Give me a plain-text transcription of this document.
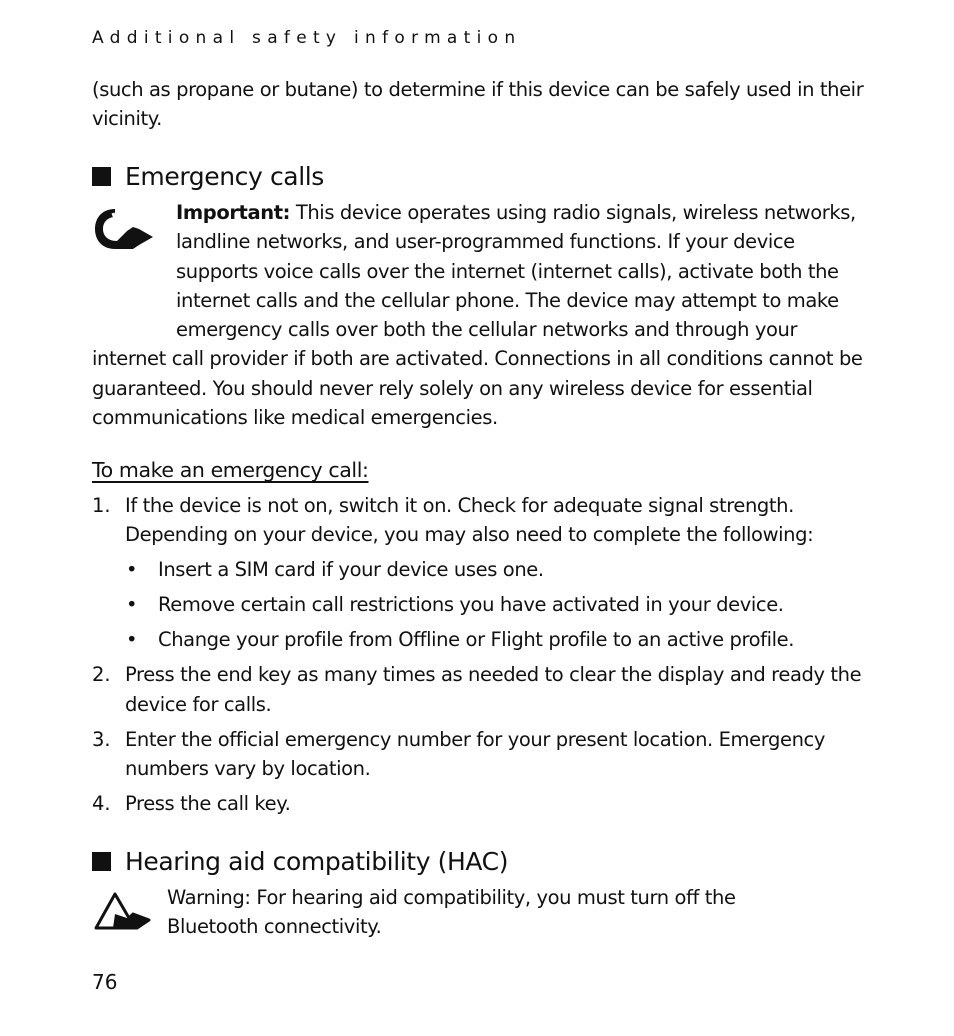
Additional safety information
(such as propane or butane) to determine if this device can be safely used in their
vicinity.
Emergency calls
Important: This device operates using radio signals, wireless networks,
landline networks, and user-programmed functions. If your device
supports voice calls over the internet (internet calls), activate both the
internet calls and the cellular phone. The device may attempt to make
emergency calls over both the cellular networks and through your
internet call provider if both are activated. Connections in all conditions cannot be
guaranteed. You should never rely solely on any wireless device for essential
communications like medical emergencies.
To make an emergency call:
1. If the device is not on, switch it on. Check for adequate signal strength.
Depending on your device, you may also need to complete the following:
• Insert a SIM card if your device uses one.
• Remove certain call restrictions you have activated in your device.
• Change your profile from Offline or Flight profile to an active profile.
2. Press the end key as many times as needed to clear the display and ready the
device for calls.
3. Enter the official emergency number for your present location. Emergency
numbers vary by location.
4. Press the call key.
Hearing aid compatibility (HAC)
Warning: For hearing aid compatibility, you must turn off the
Bluetooth connectivity.
76
